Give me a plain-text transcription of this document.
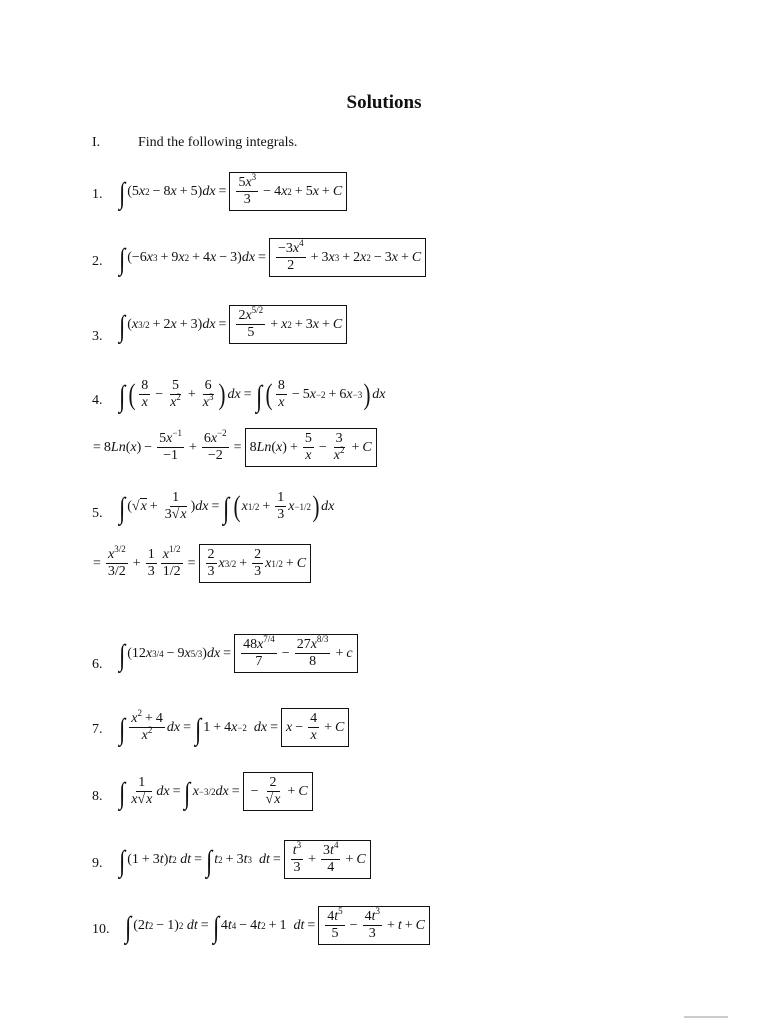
Solutions
I.	Find the following integrals.
1. ∫ (5 x 2 − 8 x + 5) dx = $\frac{5x^3}{3} - 4$ x 2 + 5 x + C
2. ∫ (−6 x 3 + 9 x 2 + 4 x − 3) dx = $\frac{-3x^4}{2} + 3$ x 3 + 2 x 2 − 3 x + C
3. ∫ ( x 3/2 + 2 x + 3) dx = $\frac{2x^{5/2}}{5} + x$ 2 + 3 x + C
4. ∫ ( $\frac{8}{x} - \frac{5}{x^2} + \frac{6}{x^3}$ ) dx = ∫ ( $\frac{8}{x} - 5$ x −2 + 6 x −3 ) dx
= 8 Ln ( x ) − $\frac{5x^{-1}}{-1} + \frac{6x^{-2}}{-2} = 8$ Ln ( x ) + $\frac{5}{x} - \frac{3}{x^2} + C$
5. ∫ (√ $x + \frac{1}{3√x}$ ) dx = ∫ ( x $1/2 + \frac{1}{3}$ x −1/2 ) dx
= $\frac{x^{3/2}}{3/2} + \frac{1}{3} \frac{x^{1/2}}{1/2} = \frac{2}{3}$ x $3/2 + \frac{2}{3}$ x 1/2 + C
6. ∫ (12 x 3/4 − 9 x 5/3 ) dx = $\frac{48x^{7/4}}{7} - \frac{27x^{8/3}}{8} + c$
7. ∫ $\frac{x^2 + 4}{x^2}$ dx = ∫ 1 + 4 x −2
dx = $x - \frac{4}{x} + C$
8. ∫ $\frac{1}{x√x}$ dx = ∫ x −3/2 dx = − $\frac{2}{√x} + C$
9. ∫ (1 + 3 t ) t 2
dt = ∫ t 2 + 3 t 3
dt = $\frac{t^3}{3} + \frac{3t^4}{4} + C$
10. ∫ (2 t 2 − 1) 2
dt = ∫ 4 t 4 − 4 t 2 + 1 dt = $\frac{4t^5}{5} - \frac{4t^3}{3} + t + C$
